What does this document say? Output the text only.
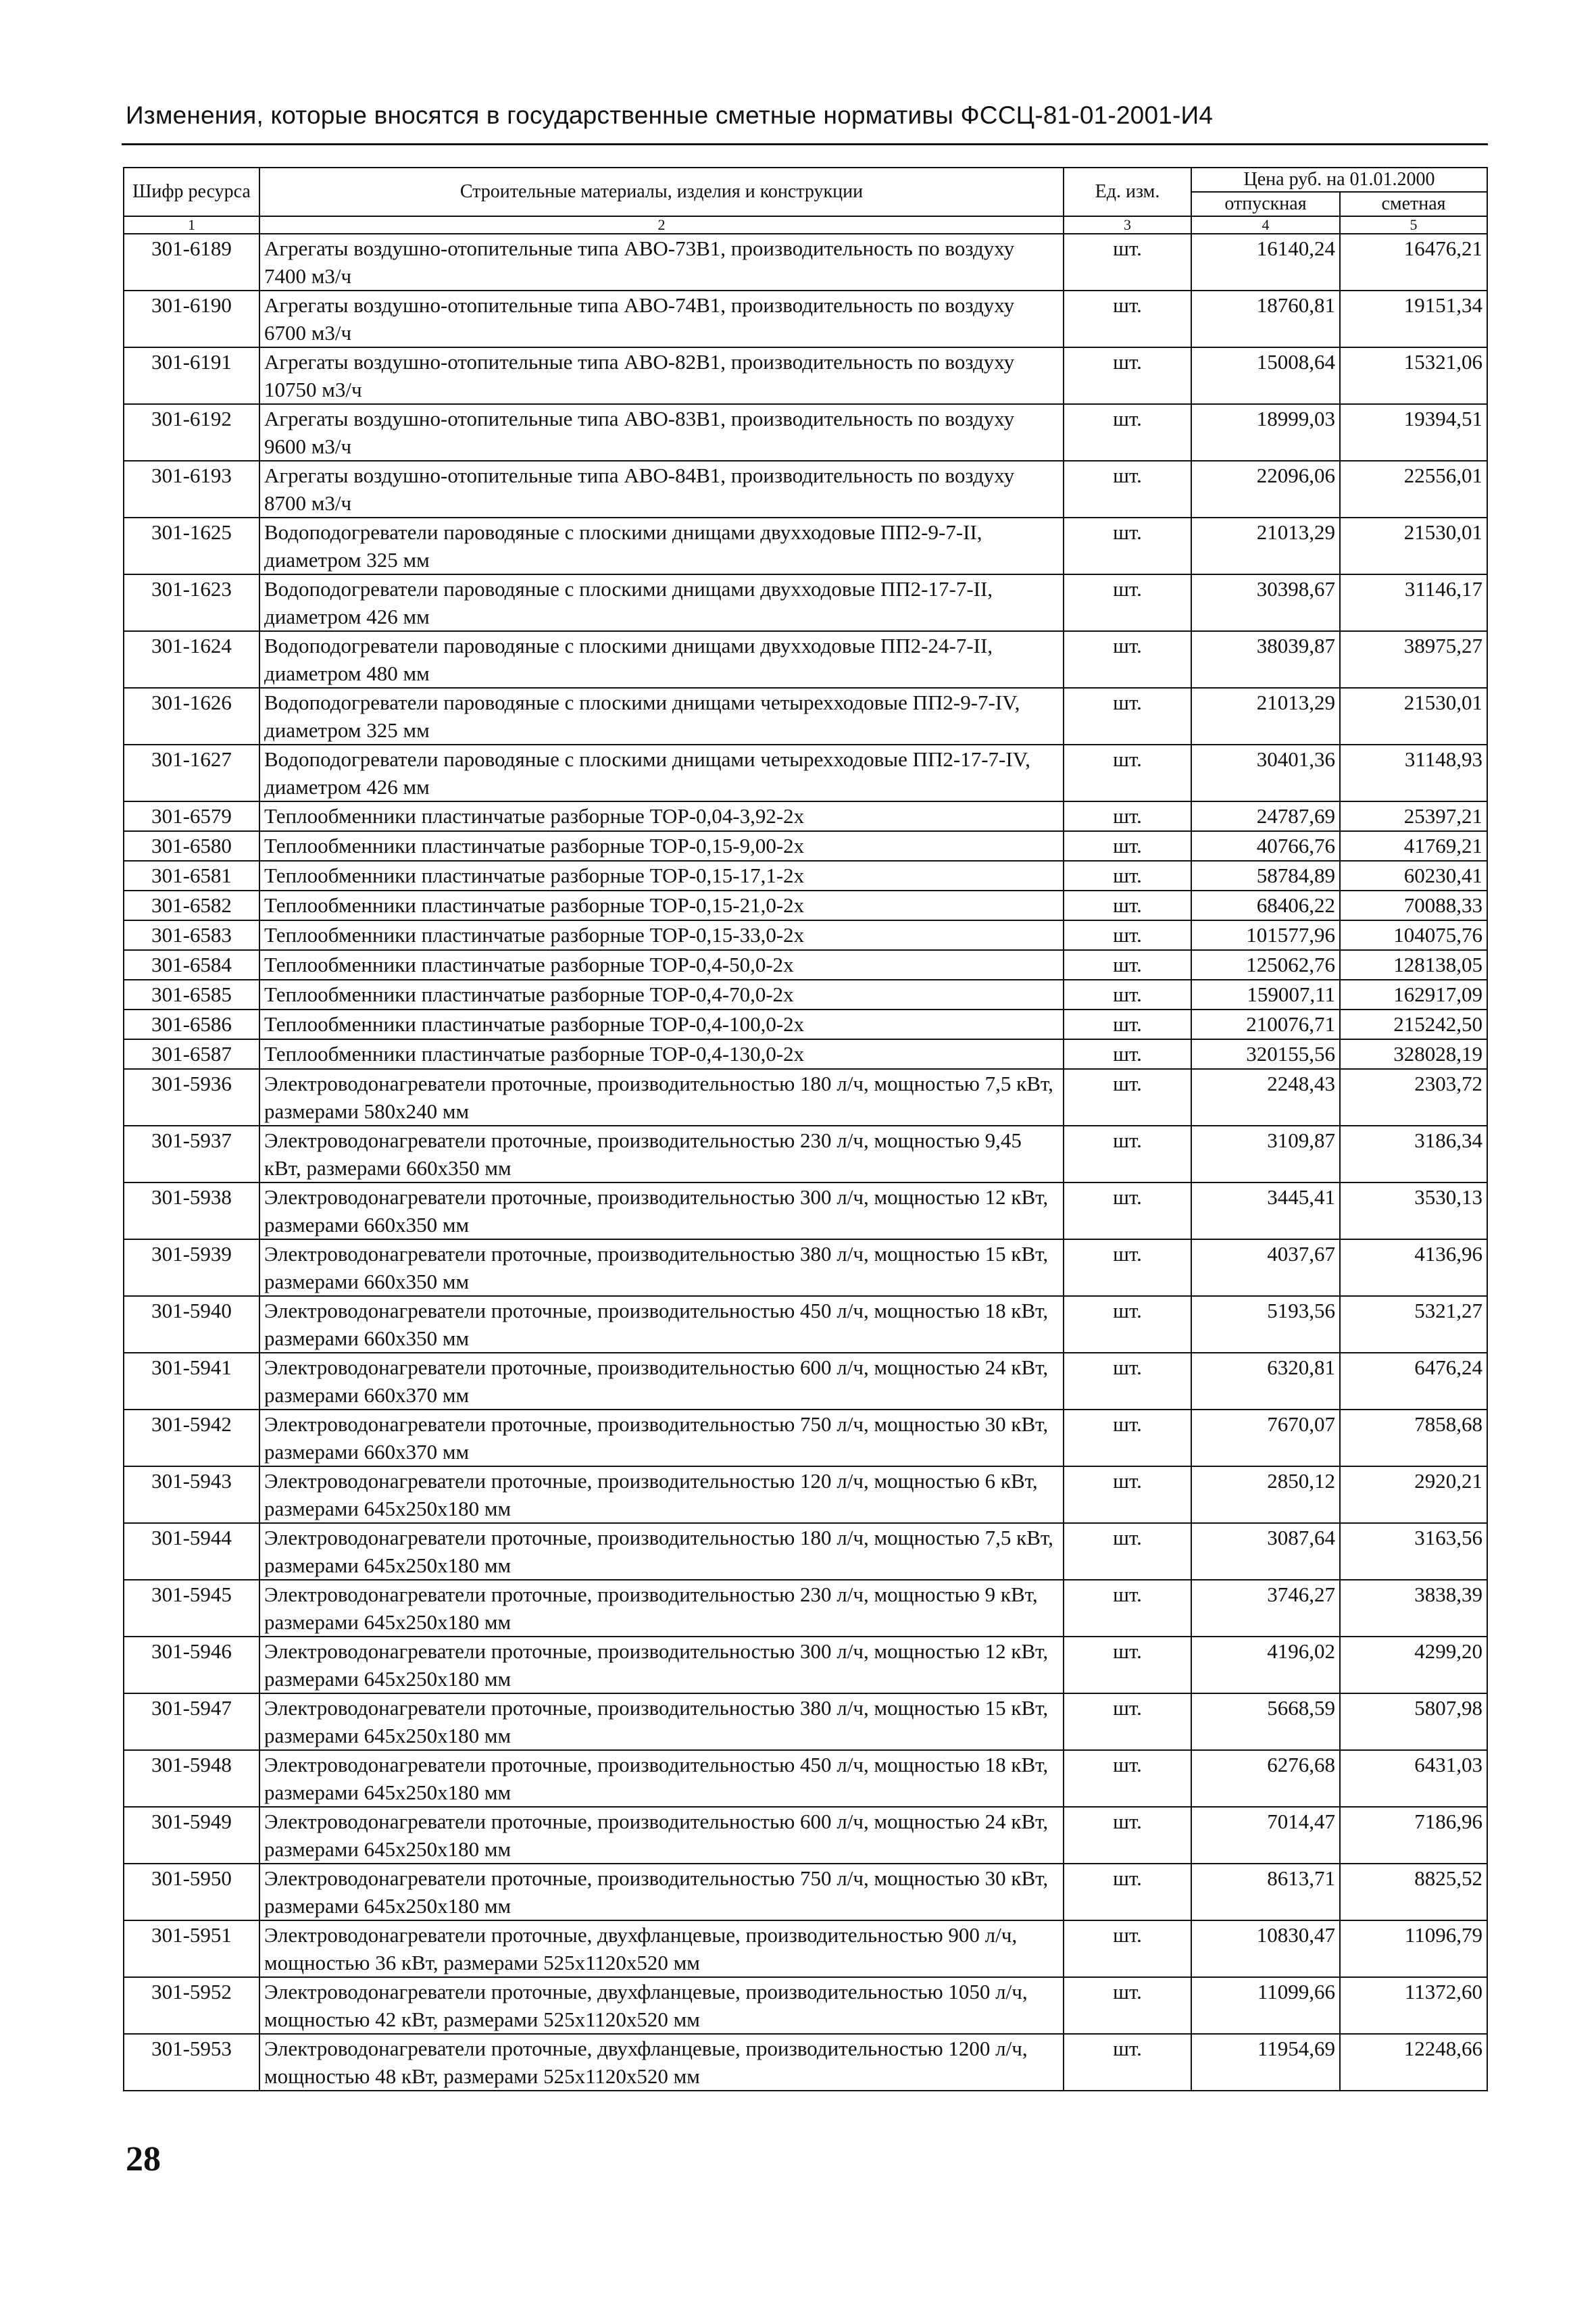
Изменения, которые вносятся в государственные сметные нормативы ФССЦ-81-01-2001-И4
Шифр ресурса	Строительные материалы, изделия и конструкции	Ед. изм.	Цена руб. на 01.01.2000	
			отпускная	сметная
1	2	3	4	5
301-6189	Агрегаты воздушно-отопительные типа АВО-73В1, производительность по воздуху 7400 м3/ч	шт.	16140,24	16476,21
301-6190	Агрегаты воздушно-отопительные типа АВО-74В1, производительность по воздуху 6700 м3/ч	шт.	18760,81	19151,34
301-6191	Агрегаты воздушно-отопительные типа АВО-82В1, производительность по воздуху 10750 м3/ч	шт.	15008,64	15321,06
301-6192	Агрегаты воздушно-отопительные типа АВО-83В1, производительность по воздуху 9600 м3/ч	шт.	18999,03	19394,51
301-6193	Агрегаты воздушно-отопительные типа АВО-84В1, производительность по воздуху 8700 м3/ч	шт.	22096,06	22556,01
301-1625	Водоподогреватели пароводяные с плоскими днищами двухходовые ПП2-9-7-II, диаметром 325 мм	шт.	21013,29	21530,01
301-1623	Водоподогреватели пароводяные с плоскими днищами двухходовые ПП2-17-7-II, диаметром 426 мм	шт.	30398,67	31146,17
301-1624	Водоподогреватели пароводяные с плоскими днищами двухходовые ПП2-24-7-II, диаметром 480 мм	шт.	38039,87	38975,27
301-1626	Водоподогреватели пароводяные с плоскими днищами четырехходовые ПП2-9-7-IV, диаметром 325 мм	шт.	21013,29	21530,01
301-1627	Водоподогреватели пароводяные с плоскими днищами четырехходовые ПП2-17-7-IV, диаметром 426 мм	шт.	30401,36	31148,93
301-6579	Теплообменники пластинчатые разборные ТОР-0,04-3,92-2х	шт.	24787,69	25397,21
301-6580	Теплообменники пластинчатые разборные ТОР-0,15-9,00-2х	шт.	40766,76	41769,21
301-6581	Теплообменники пластинчатые разборные ТОР-0,15-17,1-2х	шт.	58784,89	60230,41
301-6582	Теплообменники пластинчатые разборные ТОР-0,15-21,0-2х	шт.	68406,22	70088,33
301-6583	Теплообменники пластинчатые разборные ТОР-0,15-33,0-2х	шт.	101577,96	104075,76
301-6584	Теплообменники пластинчатые разборные ТОР-0,4-50,0-2х	шт.	125062,76	128138,05
301-6585	Теплообменники пластинчатые разборные ТОР-0,4-70,0-2х	шт.	159007,11	162917,09
301-6586	Теплообменники пластинчатые разборные ТОР-0,4-100,0-2х	шт.	210076,71	215242,50
301-6587	Теплообменники пластинчатые разборные ТОР-0,4-130,0-2х	шт.	320155,56	328028,19
301-5936	Электроводонагреватели проточные, производительностью 180 л/ч, мощностью 7,5 кВт, размерами 580х240 мм	шт.	2248,43	2303,72
301-5937	Электроводонагреватели проточные, производительностью 230 л/ч, мощностью 9,45 кВт, размерами 660х350 мм	шт.	3109,87	3186,34
301-5938	Электроводонагреватели проточные, производительностью 300 л/ч, мощностью 12 кВт, размерами 660х350 мм	шт.	3445,41	3530,13
301-5939	Электроводонагреватели проточные, производительностью 380 л/ч, мощностью 15 кВт, размерами 660х350 мм	шт.	4037,67	4136,96
301-5940	Электроводонагреватели проточные, производительностью 450 л/ч, мощностью 18 кВт, размерами 660х350 мм	шт.	5193,56	5321,27
301-5941	Электроводонагреватели проточные, производительностью 600 л/ч, мощностью 24 кВт, размерами 660х370 мм	шт.	6320,81	6476,24
301-5942	Электроводонагреватели проточные, производительностью 750 л/ч, мощностью 30 кВт, размерами 660х370 мм	шт.	7670,07	7858,68
301-5943	Электроводонагреватели проточные, производительностью 120 л/ч, мощностью 6 кВт, размерами 645х250х180 мм	шт.	2850,12	2920,21
301-5944	Электроводонагреватели проточные, производительностью 180 л/ч, мощностью 7,5 кВт, размерами 645х250х180 мм	шт.	3087,64	3163,56
301-5945	Электроводонагреватели проточные, производительностью 230 л/ч, мощностью 9 кВт, размерами 645х250х180 мм	шт.	3746,27	3838,39
301-5946	Электроводонагреватели проточные, производительностью 300 л/ч, мощностью 12 кВт, размерами 645х250х180 мм	шт.	4196,02	4299,20
301-5947	Электроводонагреватели проточные, производительностью 380 л/ч, мощностью 15 кВт, размерами 645х250х180 мм	шт.	5668,59	5807,98
301-5948	Электроводонагреватели проточные, производительностью 450 л/ч, мощностью 18 кВт, размерами 645х250х180 мм	шт.	6276,68	6431,03
301-5949	Электроводонагреватели проточные, производительностью 600 л/ч, мощностью 24 кВт, размерами 645х250х180 мм	шт.	7014,47	7186,96
301-5950	Электроводонагреватели проточные, производительностью 750 л/ч, мощностью 30 кВт, размерами 645х250х180 мм	шт.	8613,71	8825,52
301-5951	Электроводонагреватели проточные, двухфланцевые, производительностью 900 л/ч, мощностью 36 кВт, размерами 525х1120х520 мм	шт.	10830,47	11096,79
301-5952	Электроводонагреватели проточные, двухфланцевые, производительностью 1050 л/ч, мощностью 42 кВт, размерами 525х1120х520 мм	шт.	11099,66	11372,60
301-5953	Электроводонагреватели проточные, двухфланцевые, производительностью 1200 л/ч, мощностью 48 кВт, размерами 525х1120х520 мм	шт.	11954,69	12248,66
28
